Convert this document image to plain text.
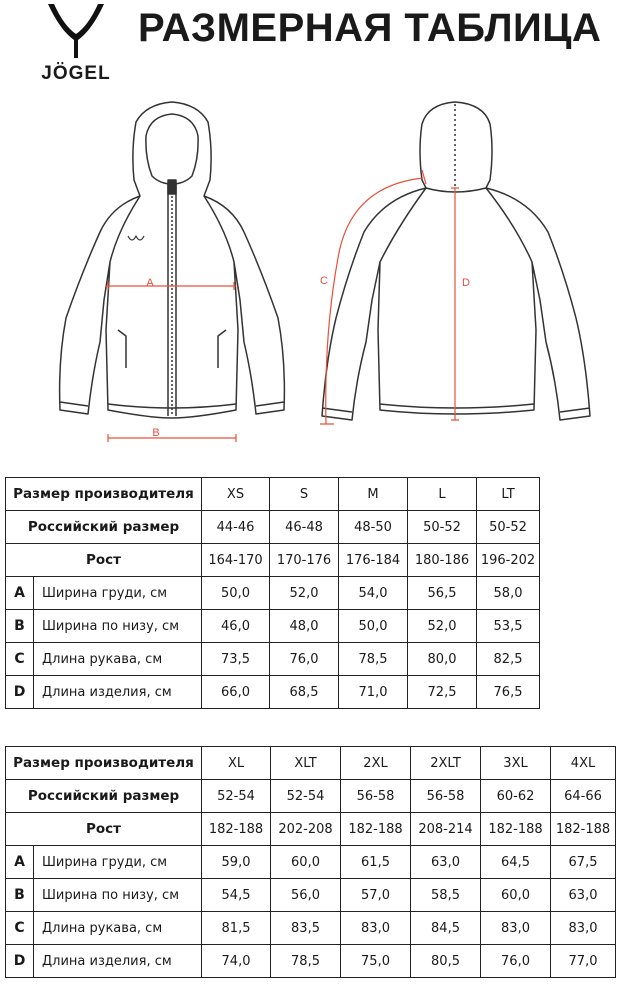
JÖGEL
РАЗМЕРНАЯ ТАБЛИЦА
A
B
C	D
Размер производителя		XS	S	M	L	LT
Российский размер		44-46	46-48	48-50	50-52	50-52
Рост		164-170	170-176	176-184	180-186	196-202
A	Ширина груди, см	50,0	52,0	54,0	56,5	58,0
B	Ширина по низу, см	46,0	48,0	50,0	52,0	53,5
C	Длина рукава, см	73,5	76,0	78,5	80,0	82,5
D	Длина изделия, см	66,0	68,5	71,0	72,5	76,5
Размер производителя		XL	XLT	2XL	2XLT	3XL	4XL
Российский размер		52-54	52-54	56-58	56-58	60-62	64-66
Рост		182-188	202-208	182-188	208-214	182-188	182-188
A	Ширина груди, см	59,0	60,0	61,5	63,0	64,5	67,5
B	Ширина по низу, см	54,5	56,0	57,0	58,5	60,0	63,0
C	Длина рукава, см	81,5	83,5	83,0	84,5	83,0	83,0
D	Длина изделия, см	74,0	78,5	75,0	80,5	76,0	77,0
